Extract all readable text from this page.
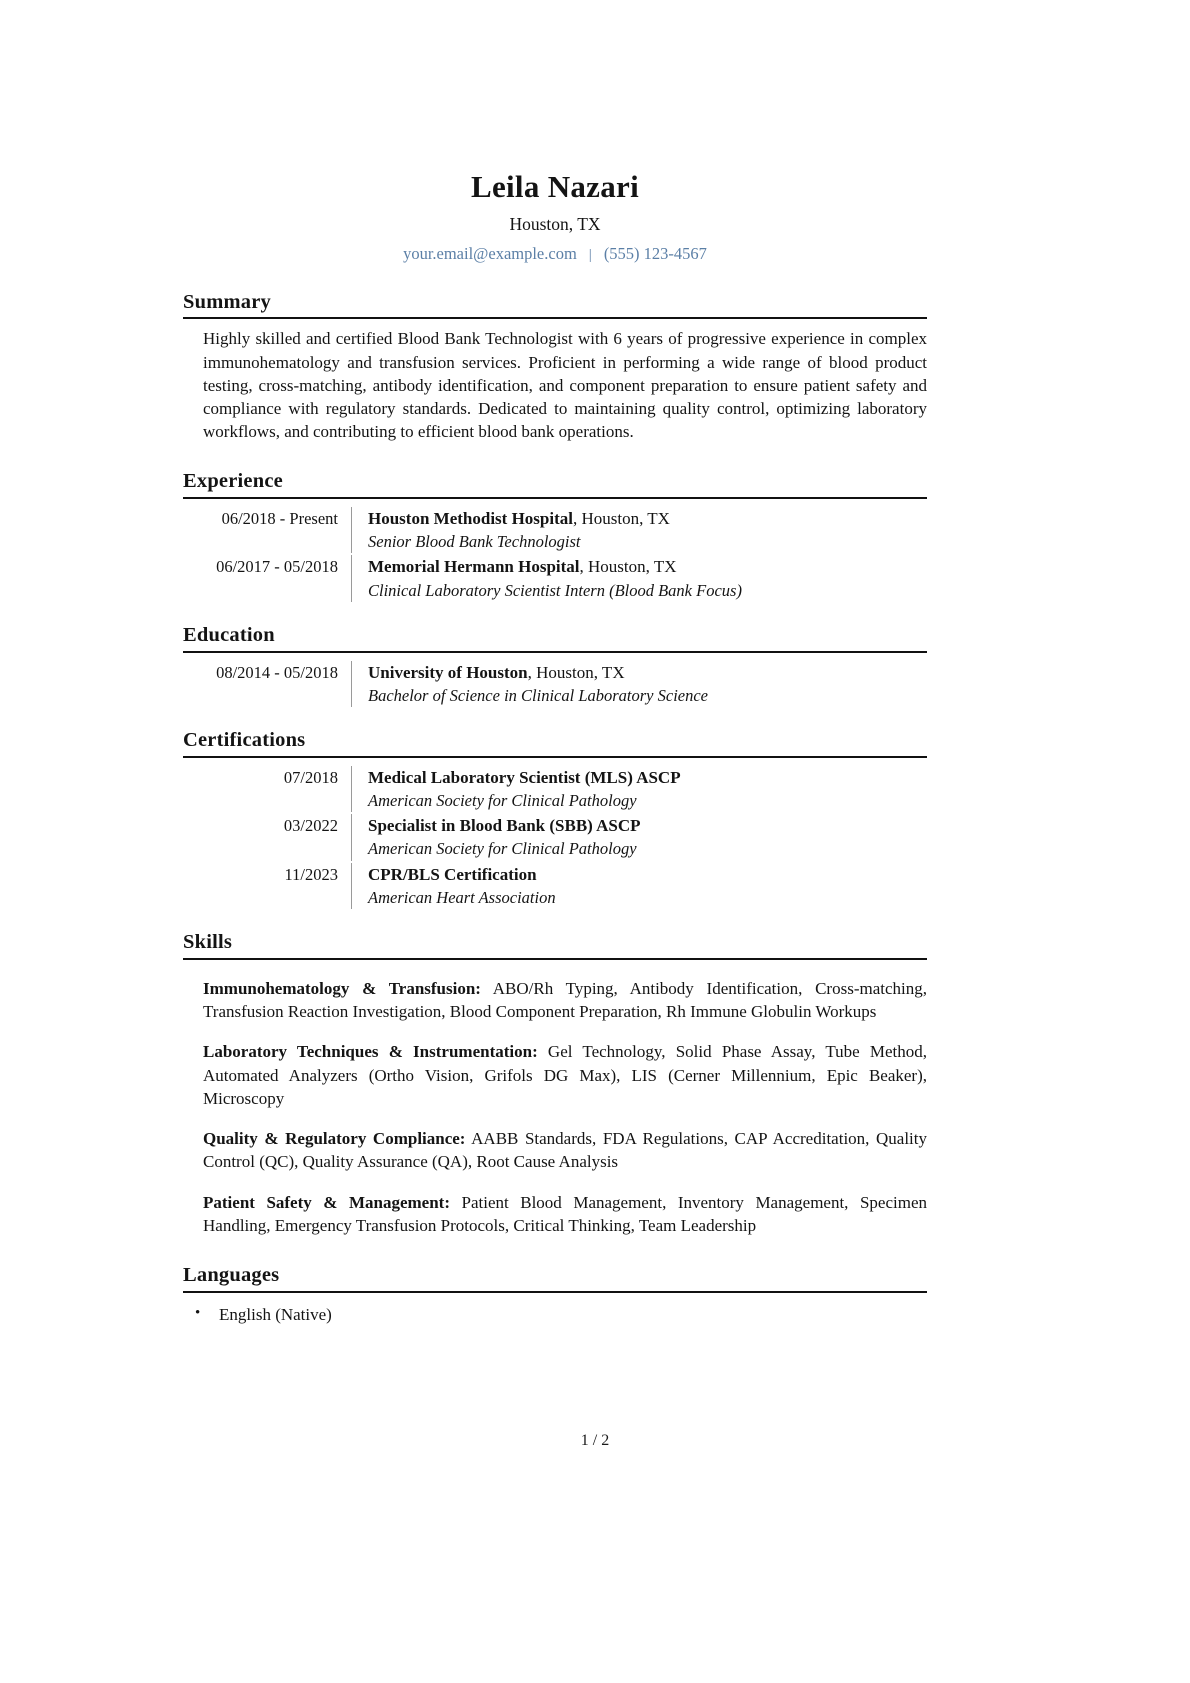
Leila Nazari
Houston, TX
your.email@example.com | (555) 123-4567
Summary

Highly skilled and certified Blood Bank Technologist with 6 years of progressive experience in complex immunohematology and transfusion services. Proficient in performing a wide range of blood product testing, cross-matching, antibody identification, and component preparation to ensure patient safety and compliance with regulatory standards. Dedicated to maintaining quality control, optimizing laboratory workflows, and contributing to efficient blood bank operations.

Experience
06/2018 - Present	Houston Methodist Hospital, Houston, TX
Senior Blood Bank Technologist
06/2017 - 05/2018	Memorial Hermann Hospital, Houston, TX
Clinical Laboratory Scientist Intern (Blood Bank Focus)
Education
08/2014 - 05/2018	University of Houston, Houston, TX
Bachelor of Science in Clinical Laboratory Science
Certifications
07/2018	Medical Laboratory Scientist (MLS) ASCP
American Society for Clinical Pathology
03/2022	Specialist in Blood Bank (SBB) ASCP
American Society for Clinical Pathology
11/2023	CPR/BLS Certification
American Heart Association
Skills

Immunohematology & Transfusion: ABO/Rh Typing, Antibody Identification, Cross-matching, Transfusion Reaction Investigation, Blood Component Preparation, Rh Immune Globulin Workups

Laboratory Techniques & Instrumentation: Gel Technology, Solid Phase Assay, Tube Method, Automated Analyzers (Ortho Vision, Grifols DG Max), LIS (Cerner Millennium, Epic Beaker), Microscopy

Quality & Regulatory Compliance: AABB Standards, FDA Regulations, CAP Accreditation, Quality Control (QC), Quality Assurance (QA), Root Cause Analysis

Patient Safety & Management: Patient Blood Management, Inventory Management, Specimen Handling, Emergency Transfusion Protocols, Critical Thinking, Team Leadership

Languages
• English (Native)
1 / 2
